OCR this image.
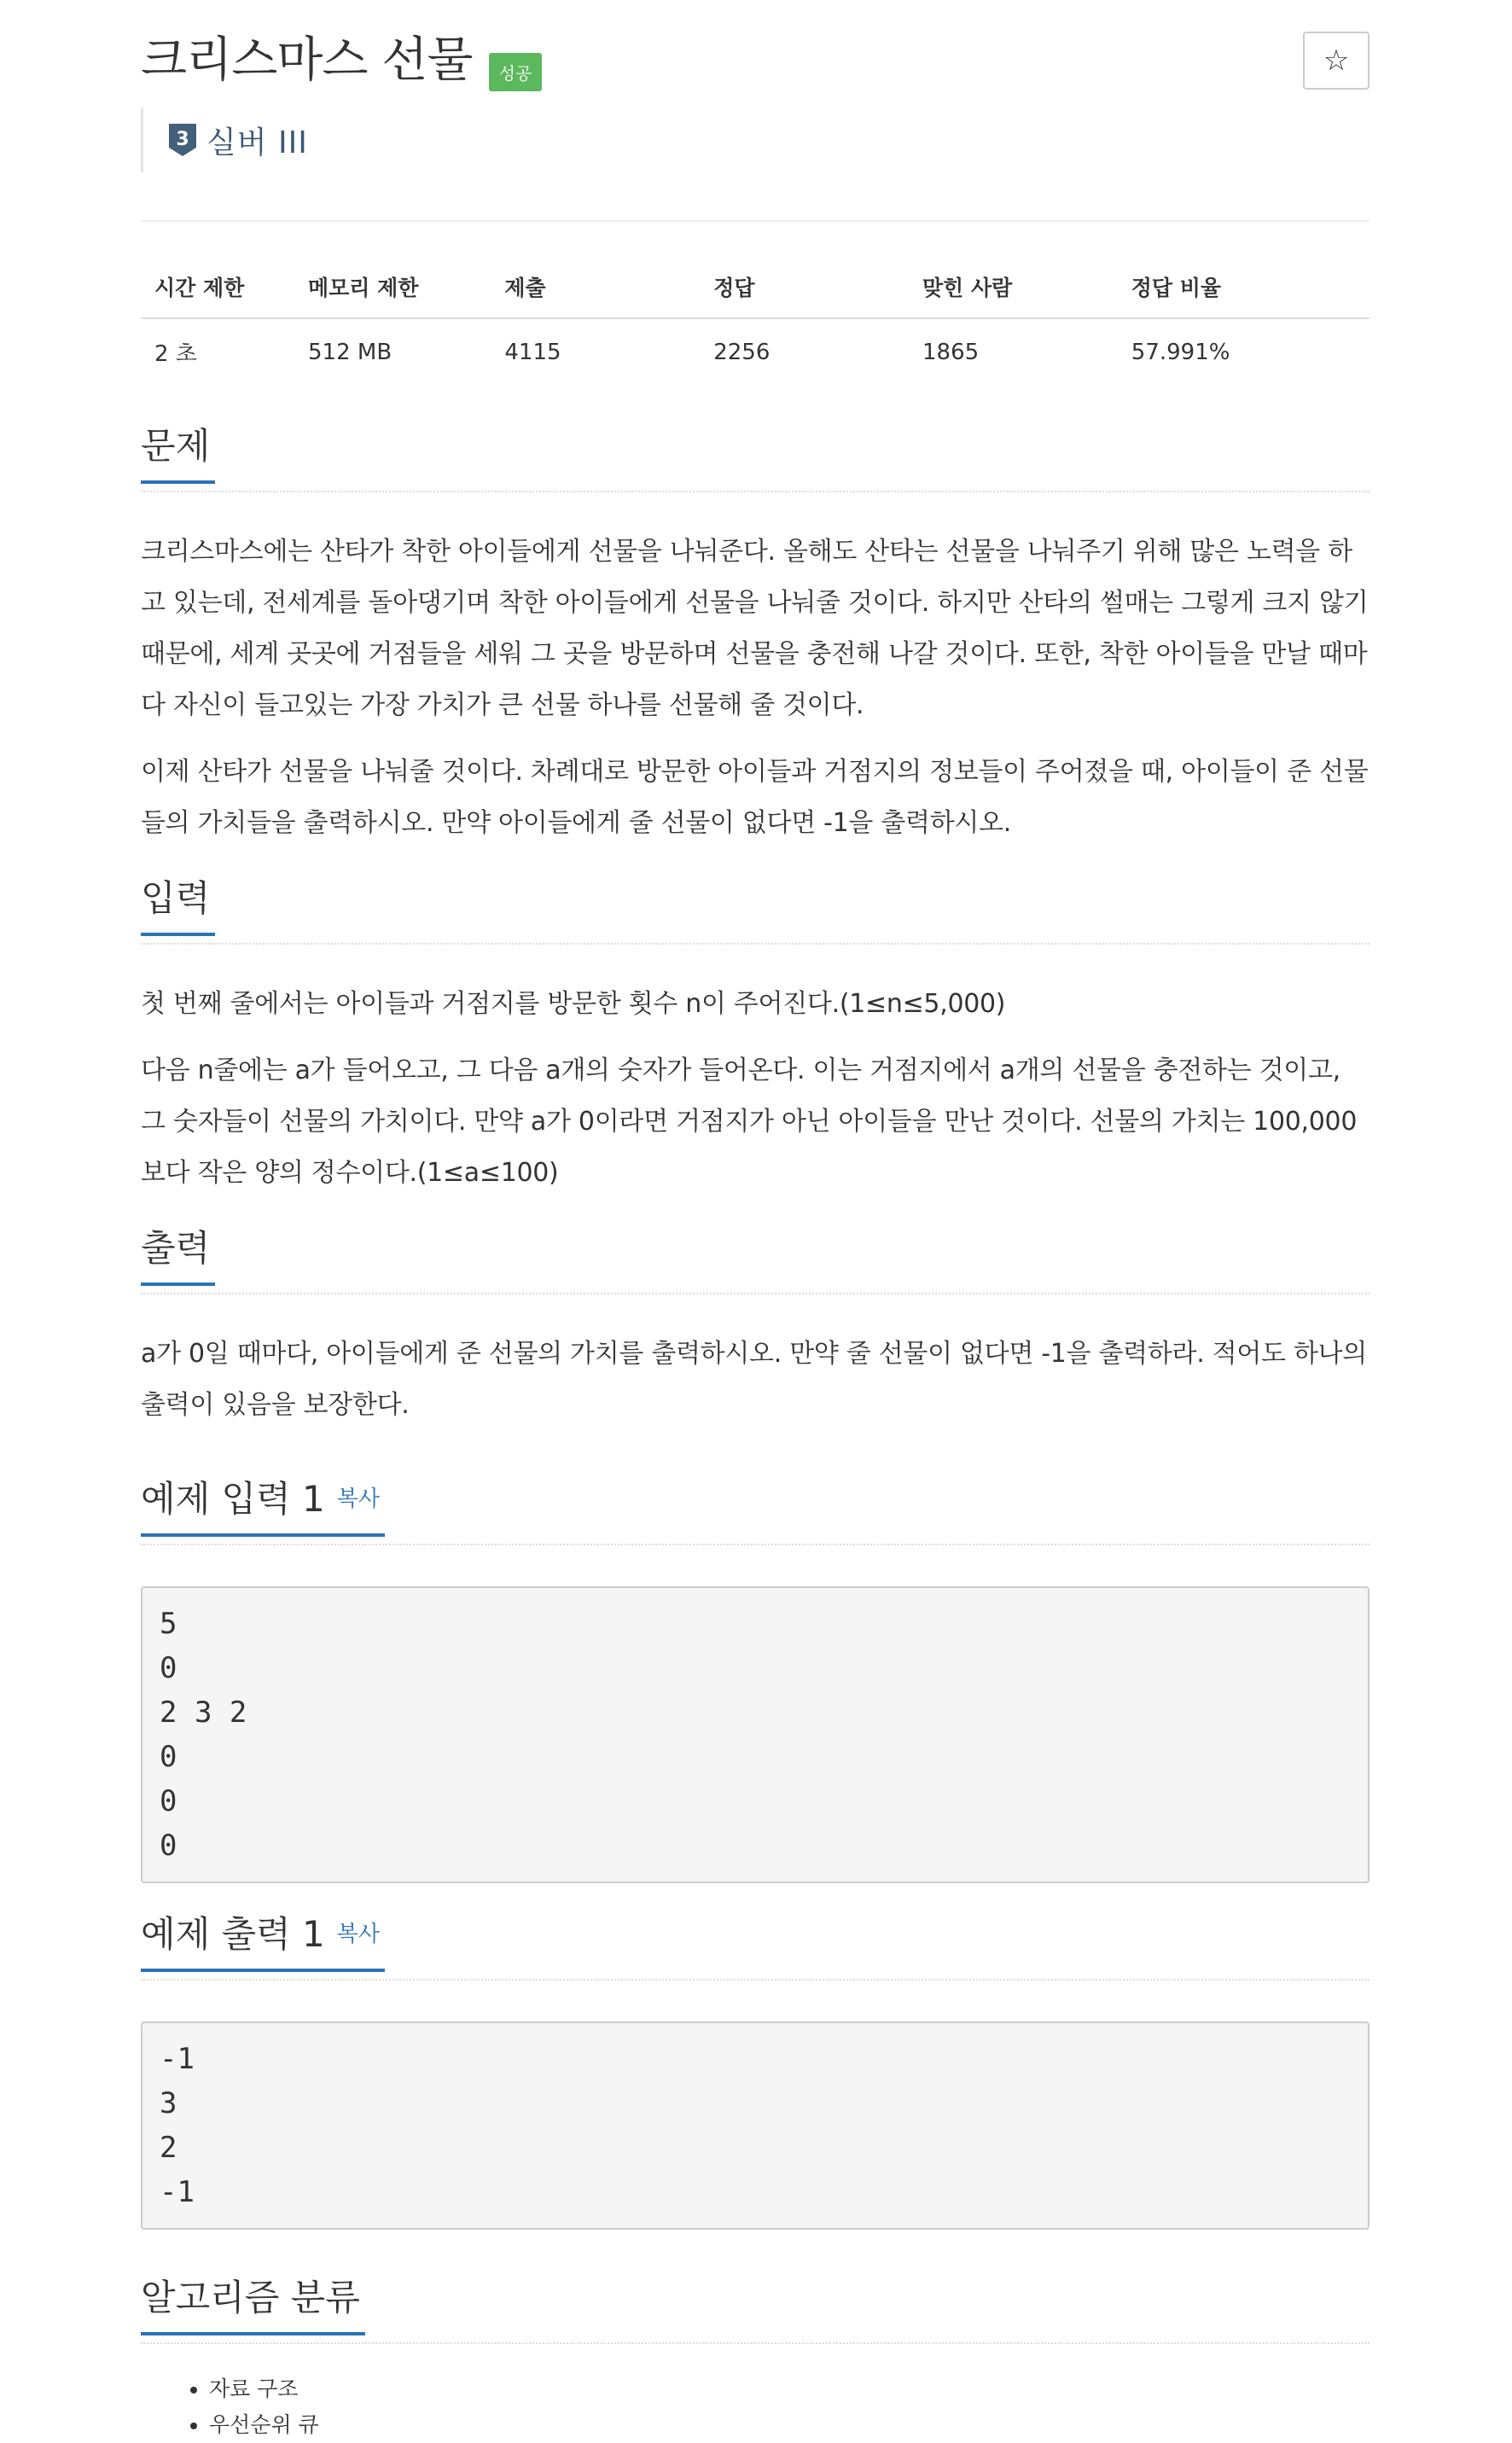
크리스마스 선물 성공	☆
3 실버 III
시간 제한	메모리 제한	제출	정답	맞힌 사람	정답 비율
2 초	512 MB	4115	2256	1865	57.991%
문제

크리스마스에는 산타가 착한 아이들에게 선물을 나눠준다. 올해도 산타는 선물을 나눠주기 위해 많은 노력을 하고 있는데, 전세계를 돌아댕기며 착한 아이들에게 선물을 나눠줄 것이다. 하지만 산타의 썰매는 그렇게 크지 않기 때문에, 세계 곳곳에 거점들을 세워 그 곳을 방문하며 선물을 충전해 나갈 것이다. 또한, 착한 아이들을 만날 때마다 자신이 들고있는 가장 가치가 큰 선물 하나를 선물해 줄 것이다.

이제 산타가 선물을 나눠줄 것이다. 차례대로 방문한 아이들과 거점지의 정보들이 주어졌을 때, 아이들이 준 선물들의 가치들을 출력하시오. 만약 아이들에게 줄 선물이 없다면 -1을 출력하시오.

입력

첫 번째 줄에서는 아이들과 거점지를 방문한 횟수 n이 주어진다.(1≤n≤5,000)

다음 n줄에는 a가 들어오고, 그 다음 a개의 숫자가 들어온다. 이는 거점지에서 a개의 선물을 충전하는 것이고, 그 숫자들이 선물의 가치이다. 만약 a가 0이라면 거점지가 아닌 아이들을 만난 것이다. 선물의 가치는 100,000보다 작은 양의 정수이다.(1≤a≤100)

출력

a가 0일 때마다, 아이들에게 준 선물의 가치를 출력하시오. 만약 줄 선물이 없다면 -1을 출력하라. 적어도 하나의 출력이 있음을 보장한다.

예제 입력 1 복사
5
0
2 3 2
0
0
0
예제 출력 1 복사
-1
3
2
-1
알고리즘 분류
• 자료 구조
• 우선순위 큐
